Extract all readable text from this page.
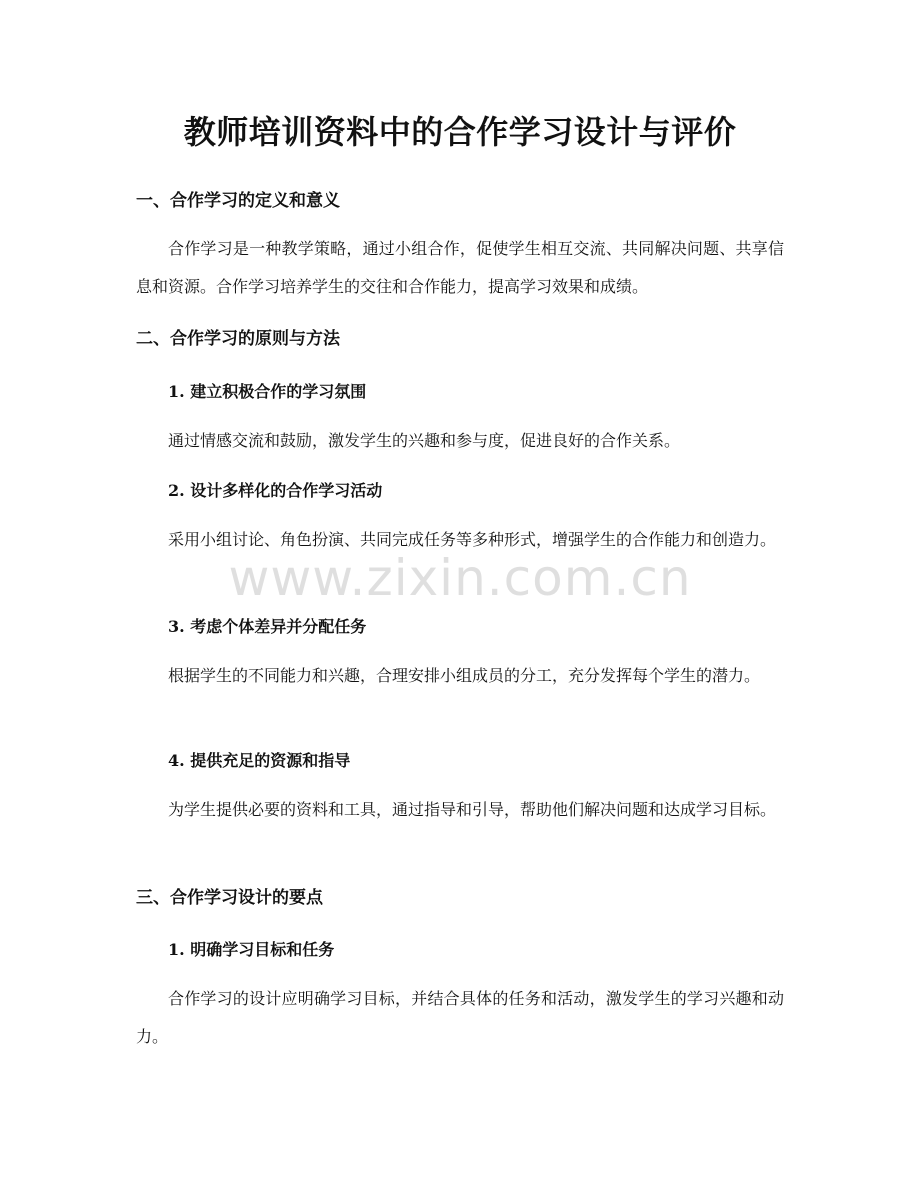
教师培训资料中的合作学习设计与评价
一、合作学习的定义和意义

合作学习是一种教学策略，通过小组合作，促使学生相互交流、共同解决问题、共享信息和资源。合作学习培养学生的交往和合作能力，提高学习效果和成绩。

二、合作学习的原则与方法
1. 建立积极合作的学习氛围

通过情感交流和鼓励，激发学生的兴趣和参与度，促进良好的合作关系。

2. 设计多样化的合作学习活动

采用小组讨论、角色扮演、共同完成任务等多种形式，增强学生的合作能力和创造力。

3. 考虑个体差异并分配任务

根据学生的不同能力和兴趣，合理安排小组成员的分工，充分发挥每个学生的潜力。

4. 提供充足的资源和指导

为学生提供必要的资料和工具，通过指导和引导，帮助他们解决问题和达成学习目标。

三、合作学习设计的要点
1. 明确学习目标和任务

合作学习的设计应明确学习目标，并结合具体的任务和活动，激发学生的学习兴趣和动力。

www.zixin.com.cn
